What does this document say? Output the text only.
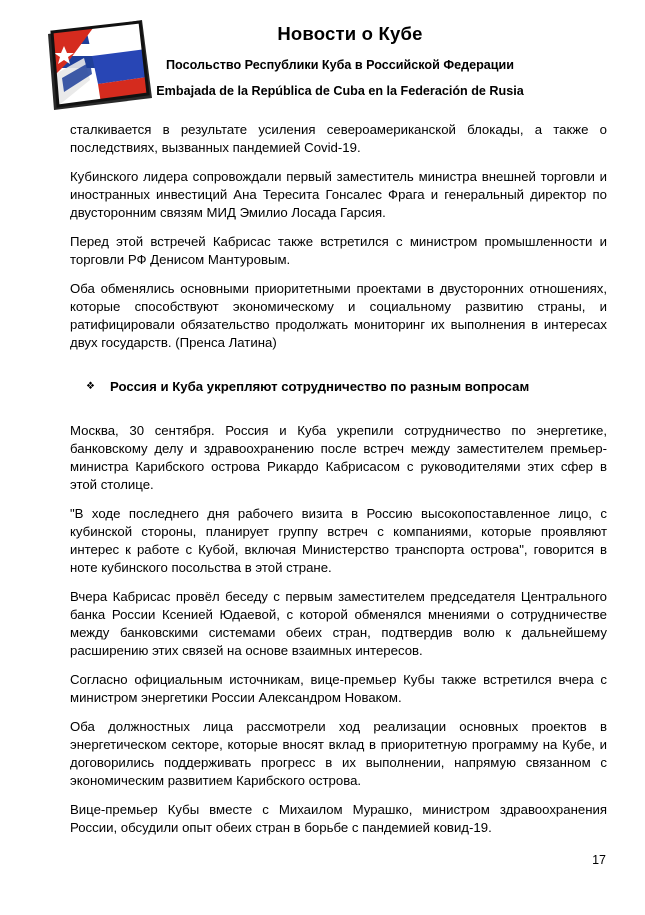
Новости о Кубе
Посольство Республики Куба в Российской Федерации
Embajada de la República de Cuba en la Federación de Rusia

сталкивается в результате усиления североамериканской блокады, а также о последствиях, вызванных пандемией Covid-19.

Кубинского лидера сопровождали первый заместитель министра внешней торговли и иностранных инвестиций Ана Тересита Гонсалес Фрага и генеральный директор по двусторонним связям МИД Эмилио Лосада Гарсия.

Перед этой встречей Кабрисас также встретился с министром промышленности и торговли РФ Денисом Мантуровым.

Оба обменялись основными приоритетными проектами в двусторонних отношениях, которые способствуют экономическому и социальному развитию страны, и ратифицировали обязательство продолжать мониторинг их выполнения в интересах двух государств. (Пренса Латина)

❖	Россия и Куба укрепляют сотрудничество по разным вопросам

Москва, 30 сентября. Россия и Куба укрепили сотрудничество по энергетике, банковскому делу и здравоохранению после встреч между заместителем премьер-министра Карибского острова Рикардо Кабрисасом с руководителями этих сфер в этой столице.

"В ходе последнего дня рабочего визита в Россию высокопоставленное лицо, с кубинской стороны, планирует группу встреч с компаниями, которые проявляют интерес к работе с Кубой, включая Министерство транспорта острова", говорится в ноте кубинского посольства в этой стране.

Вчера Кабрисас провёл беседу с первым заместителем председателя Центрального банка России Ксенией Юдаевой, с которой обменялся мнениями о сотрудничестве между банковскими системами обеих стран, подтвердив волю к дальнейшему расширению этих связей на основе взаимных интересов.

Согласно официальным источникам, вице-премьер Кубы также встретился вчера с министром энергетики России Александром Новаком.

Оба должностных лица рассмотрели ход реализации основных проектов в энергетическом секторе, которые вносят вклад в приоритетную программу на Кубе, и договорились поддерживать прогресс в их выполнении, напрямую связанном с экономическим развитием Карибского острова.

Вице-премьер Кубы вместе с Михаилом Мурашко, министром здравоохранения России, обсудили опыт обеих стран в борьбе с пандемией ковид-19.

17
